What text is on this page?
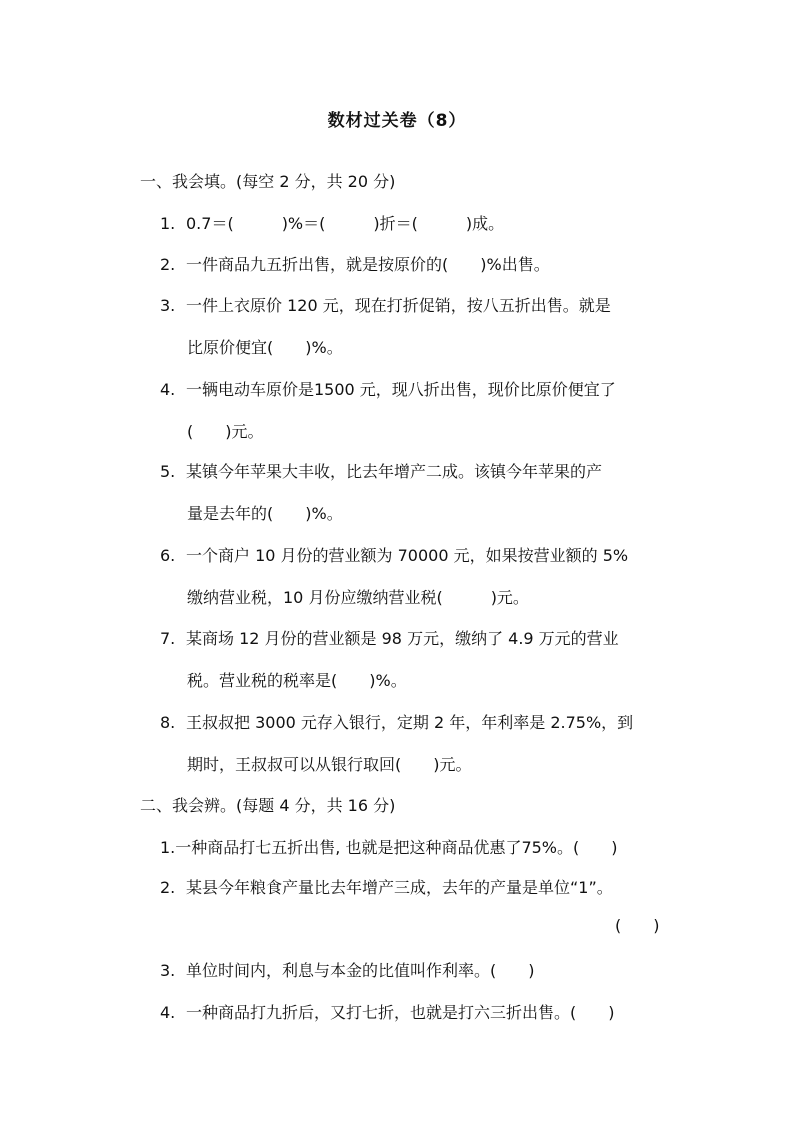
数材过关卷（8）
一、我会填。(每空 2 分，共 20 分)
1. 0.7＝(　　　)%＝(　　　)折＝(　　　)成。
2. 一件商品九五折出售，就是按原价的(　　)%出售。
3. 一件上衣原价 120 元，现在打折促销，按八五折出售。就是
比原价便宜(　　)%。
4. 一辆电动车原价是1500 元，现八折出售，现价比原价便宜了
(　　)元。
5. 某镇今年苹果大丰收，比去年增产二成。该镇今年苹果的产
量是去年的(　　)%。
6. 一个商户 10 月份的营业额为 70000 元，如果按营业额的 5%
缴纳营业税，10 月份应缴纳营业税(　　　)元。
7. 某商场 12 月份的营业额是 98 万元，缴纳了 4.9 万元的营业
税。营业税的税率是(　　)%。
8. 王叔叔把 3000 元存入银行，定期 2 年，年利率是 2.75%，到
期时，王叔叔可以从银行取回(　　)元。
二、我会辨。(每题 4 分，共 16 分)
1.一种商品打七五折出售, 也就是把这种商品优惠了75%。(　　)
2. 某县今年粮食产量比去年增产三成，去年的产量是单位“1”。
(　　)
3. 单位时间内，利息与本金的比值叫作利率。(　　)
4. 一种商品打九折后，又打七折，也就是打六三折出售。(　　)
